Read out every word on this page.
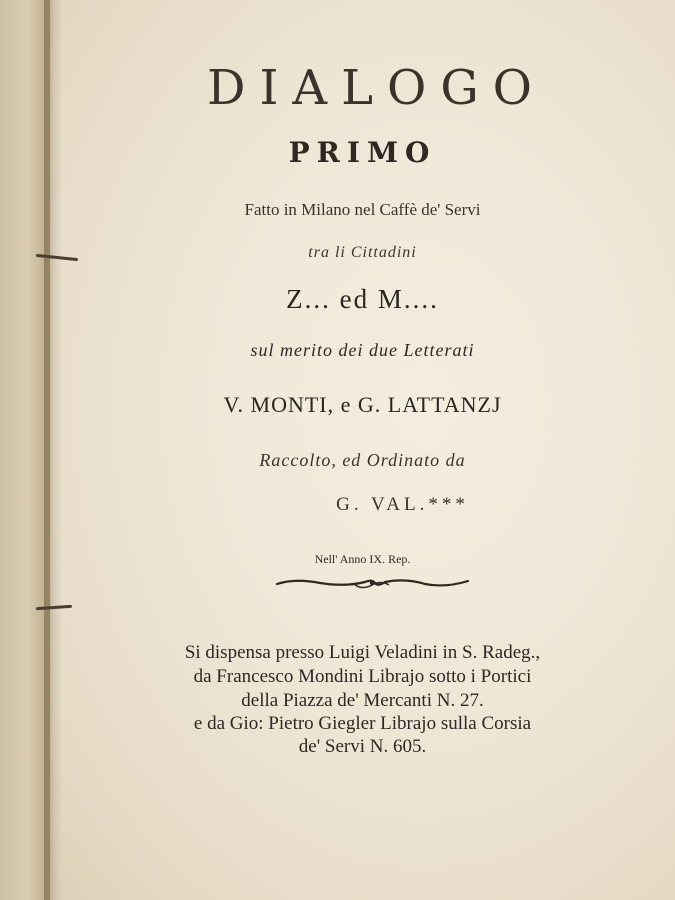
DIALOGO
PRIMO

Fatto in Milano nel Caffè de' Servi

tra li Cittadini

Z... ed M....

sul merito dei due Letterati

V. MONTI, e G. LATTANZJ

Raccolto, ed Ordinato da

G. VAL.***

Nell' Anno IX. Rep.

Si dispensa presso Luigi Veladini in S. Radeg.,

da Francesco Mondini Librajo sotto i Portici

della Piazza de' Mercanti N. 27.

e da Gio: Pietro Giegler Librajo sulla Corsia

de' Servi N. 605.
